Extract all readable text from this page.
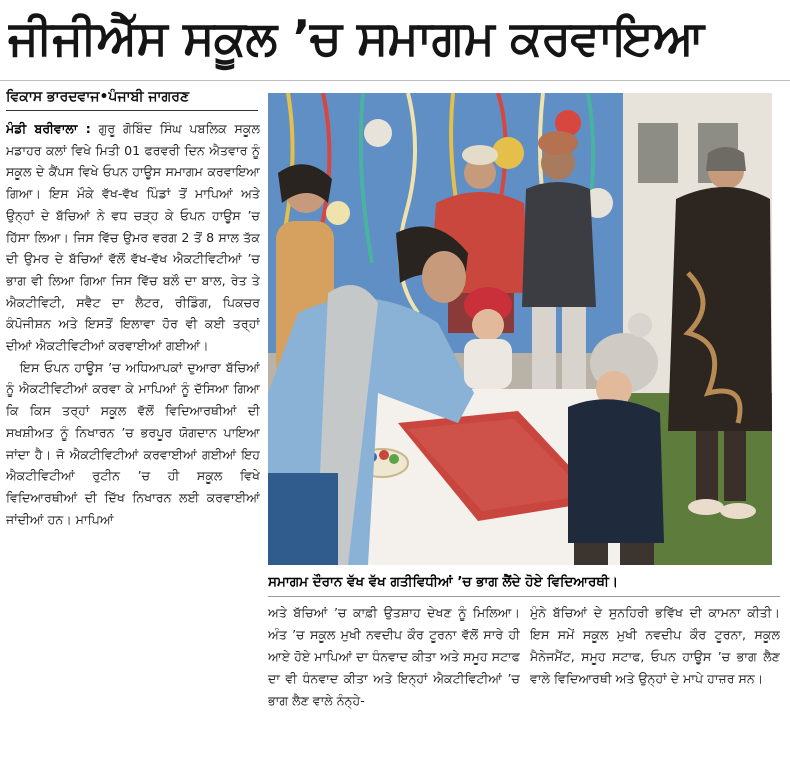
ਜੀਜੀਐੱਸ ਸਕੂਲ ’ਚ ਸਮਾਗਮ ਕਰਵਾਇਆ
ਵਿਕਾਸ ਭਾਰਦਵਾਜ•ਪੰਜਾਬੀ ਜਾਗਰਣ

ਮੰਡੀ ਬਰੀਵਾਲਾ : ਗੁਰੂ ਗੋਬਿੰਦ ਸਿੰਘ ਪਬਲਿਕ ਸਕੂਲ ਮਡਾਹਰ ਕਲਾਂ ਵਿਖੇ ਮਿਤੀ 01 ਫਰਵਰੀ ਦਿਨ ਐਤਵਾਰ ਨੂੰ ਸਕੂਲ ਦੇ ਕੈਂਪਸ ਵਿਖੇ ਓਪਨ ਹਾਊਸ ਸਮਾਗਮ ਕਰਵਾਇਆ ਗਿਆ। ਇਸ ਮੌਕੇ ਵੱਖ-ਵੱਖ ਪਿੰਡਾਂ ਤੋਂ ਮਾਪਿਆਂ ਅਤੇ ਉਨ੍ਹਾਂ ਦੇ ਬੱਚਿਆਂ ਨੇ ਵਧ ਚੜ੍ਹ ਕੇ ਓਪਨ ਹਾਊਸ ’ਚ ਹਿੱਸਾ ਲਿਆ। ਜਿਸ ਵਿੱਚ ਉਮਰ ਵਰਗ 2 ਤੋਂ 8 ਸਾਲ ਤੱਕ ਦੀ ਉਮਰ ਦੇ ਬੱਚਿਆਂ ਵੱਲੋਂ ਵੱਖ-ਵੱਖ ਐਕਟੀਵਿਟੀਆਂ ’ਚ ਭਾਗ ਵੀ ਲਿਆ ਗਿਆ ਜਿਸ ਵਿੱਚ ਬਲੌ ਦਾ ਬਾਲ, ਰੇਤ ਤੇ ਐਕਟੀਵਿਟੀ, ਸਵੈਟ ਦਾ ਲੈਟਰ, ਰੀਡਿੰਗ, ਪਿਕਚਰ ਕੰਪੋਜੀਸ਼ਨ ਅਤੇ ਇਸਤੋਂ ਇਲਾਵਾ ਹੋਰ ਵੀ ਕਈ ਤਰ੍ਹਾਂ ਦੀਆਂ ਐਕਟੀਵਿਟੀਆਂ ਕਰਵਾਈਆਂ ਗਈਆਂ।

ਇਸ ਓਪਨ ਹਾਊਸ ’ਚ ਅਧਿਆਪਕਾਂ ਦੁਆਰਾ ਬੱਚਿਆਂ ਨੂੰ ਐਕਟੀਵਿਟੀਆਂ ਕਰਵਾ ਕੇ ਮਾਪਿਆਂ ਨੂੰ ਦੱਸਿਆ ਗਿਆ ਕਿ ਕਿਸ ਤਰ੍ਹਾਂ ਸਕੂਲ ਵੱਲੋਂ ਵਿਦਿਆਰਥੀਆਂ ਦੀ ਸਖਸ਼ੀਅਤ ਨੂੰ ਨਿਖਾਰਨ ’ਚ ਭਰਪੂਰ ਯੋਗਦਾਨ ਪਾਇਆ ਜਾਂਦਾ ਹੈ। ਜੋ ਐਕਟੀਵਿਟੀਆਂ ਕਰਵਾਈਆਂ ਗਈਆਂ ਇਹ ਐਕਟੀਵਿਟੀਆਂ ਰੁਟੀਨ ’ਚ ਹੀ ਸਕੂਲ ਵਿਖੇ ਵਿਦਿਆਰਥੀਆਂ ਦੀ ਦਿੱਖ ਨਿਖਾਰਨ ਲਈ ਕਰਵਾਈਆਂ ਜਾਂਦੀਆਂ ਹਨ। ਮਾਪਿਆਂ

ਸਮਾਗਮ ਦੌਰਾਨ ਵੱਖ ਵੱਖ ਗਤੀਵਿਧੀਆਂ ’ਚ ਭਾਗ ਲੈਂਦੇ ਹੋਏ ਵਿਦਿਆਰਥੀ।

ਅਤੇ ਬੱਚਿਆਂ ’ਚ ਕਾਫ਼ੀ ਉਤਸ਼ਾਹ ਦੇਖਣ ਨੂੰ ਮਿਲਿਆ। ਅੰਤ ’ਚ ਸਕੂਲ ਮੁਖੀ ਨਵਦੀਪ ਕੌਰ ਟੂਰਨਾ ਵੱਲੋਂ ਸਾਰੇ ਹੀ ਆਏ ਹੋਏ ਮਾਪਿਆਂ ਦਾ ਧੰਨਵਾਦ ਕੀਤਾ ਅਤੇ ਸਮੂਹ ਸਟਾਫ ਦਾ ਵੀ ਧੰਨਵਾਦ ਕੀਤਾ ਅਤੇ ਇਨ੍ਹਾਂ ਐਕਟੀਵਿਟੀਆਂ ’ਚ ਭਾਗ ਲੈਣ ਵਾਲੇ ਨੰਨ੍ਹੇ-

ਮੁੰਨੇ ਬੱਚਿਆਂ ਦੇ ਸੁਨਹਿਰੀ ਭਵਿੱਖ ਦੀ ਕਾਮਨਾ ਕੀਤੀ। ਇਸ ਸਮੇਂ ਸਕੂਲ ਮੁਖੀ ਨਵਦੀਪ ਕੌਰ ਟੂਰਨਾ, ਸਕੂਲ ਮੈਨੇਜਮੈਂਟ, ਸਮੂਹ ਸਟਾਫ, ਓਪਨ ਹਾਊਸ ’ਚ ਭਾਗ ਲੈਣ ਵਾਲੇ ਵਿਦਿਆਰਥੀ ਅਤੇ ਉਨ੍ਹਾਂ ਦੇ ਮਾਪੇ ਹਾਜ਼ਰ ਸਨ।
